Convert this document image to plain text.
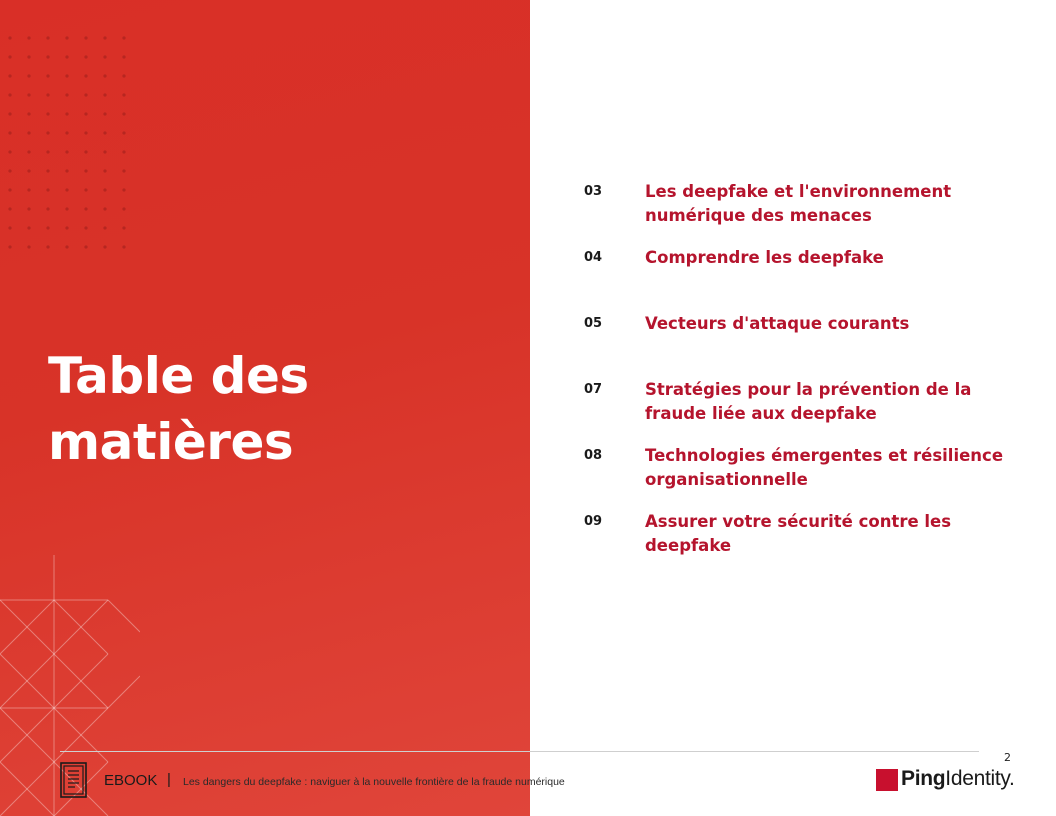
Table des
matières
03	Les deepfake et l'environnement
numérique des menaces
04	Comprendre les deepfake
05	Vecteurs d'attaque courants
07	Stratégies pour la prévention de la
fraude liée aux deepfake
08	Technologies émergentes et résilience
organisationnelle
09	Assurer votre sécurité contre les
deepfake
2
EBOOK | Les dangers du deepfake : naviguer à la nouvelle frontière de la fraude numérique	PingIdentity.
